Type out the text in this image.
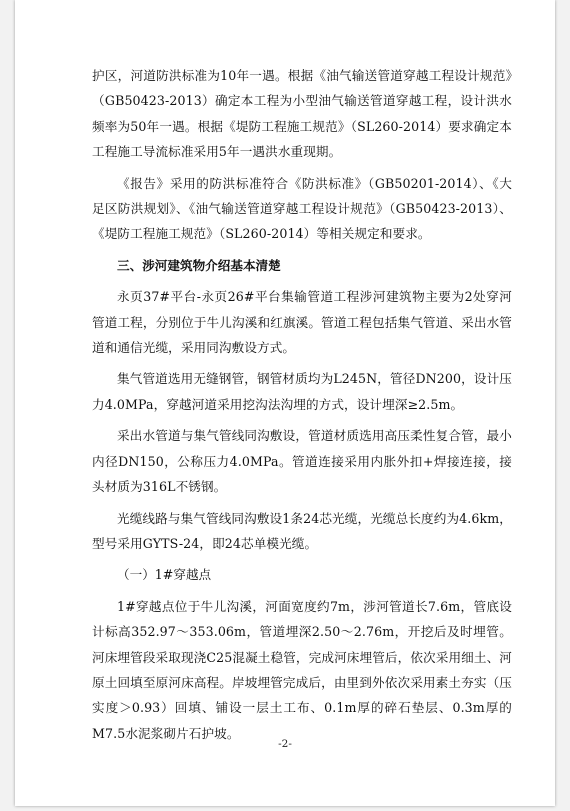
护区，河道防洪标准为10年一遇。根据《油气输送管道穿越工程设计规范》（GB50423-2013）确定本工程为小型油气输送管道穿越工程，设计洪水频率为50年一遇。根据《堤防工程施工规范》（SL260-2014）要求确定本工程施工导流标准采用5年一遇洪水重现期。

《报告》采用的防洪标准符合《防洪标准》（GB50201-2014）、《大足区防洪规划》、《油气输送管道穿越工程设计规范》（GB50423-2013）、《堤防工程施工规范》（SL260-2014）等相关规定和要求。

三、涉河建筑物介绍基本清楚

永页37#平台-永页26#平台集输管道工程涉河建筑物主要为2处穿河管道工程，分别位于牛儿沟溪和红旗溪。管道工程包括集气管道、采出水管道和通信光缆，采用同沟敷设方式。

集气管道选用无缝钢管，钢管材质均为L245N，管径DN200，设计压力4.0MPa，穿越河道采用挖沟法沟埋的方式，设计埋深≥2.5m。

采出水管道与集气管线同沟敷设，管道材质选用高压柔性复合管，最小内径DN150，公称压力4.0MPa。管道连接采用内胀外扣+焊接连接，接头材质为316L不锈钢。

光缆线路与集气管线同沟敷设1条24芯光缆，光缆总长度约为4.6km，型号采用GYTS-24，即24芯单模光缆。

（一）1#穿越点

1#穿越点位于牛儿沟溪，河面宽度约7m，涉河管道长7.6m，管底设计标高352.97～353.06m，管道埋深2.50～2.76m，开挖后及时埋管。河床埋管段采取现浇C25混凝土稳管，完成河床埋管后，依次采用细土、河原土回填至原河床高程。岸坡埋管完成后，由里到外依次采用素土夯实（压实度＞0.93）回填、铺设一层土工布、0.1m厚的碎石垫层、0.3m厚的M7.5水泥浆砌片石护坡。

-2-
